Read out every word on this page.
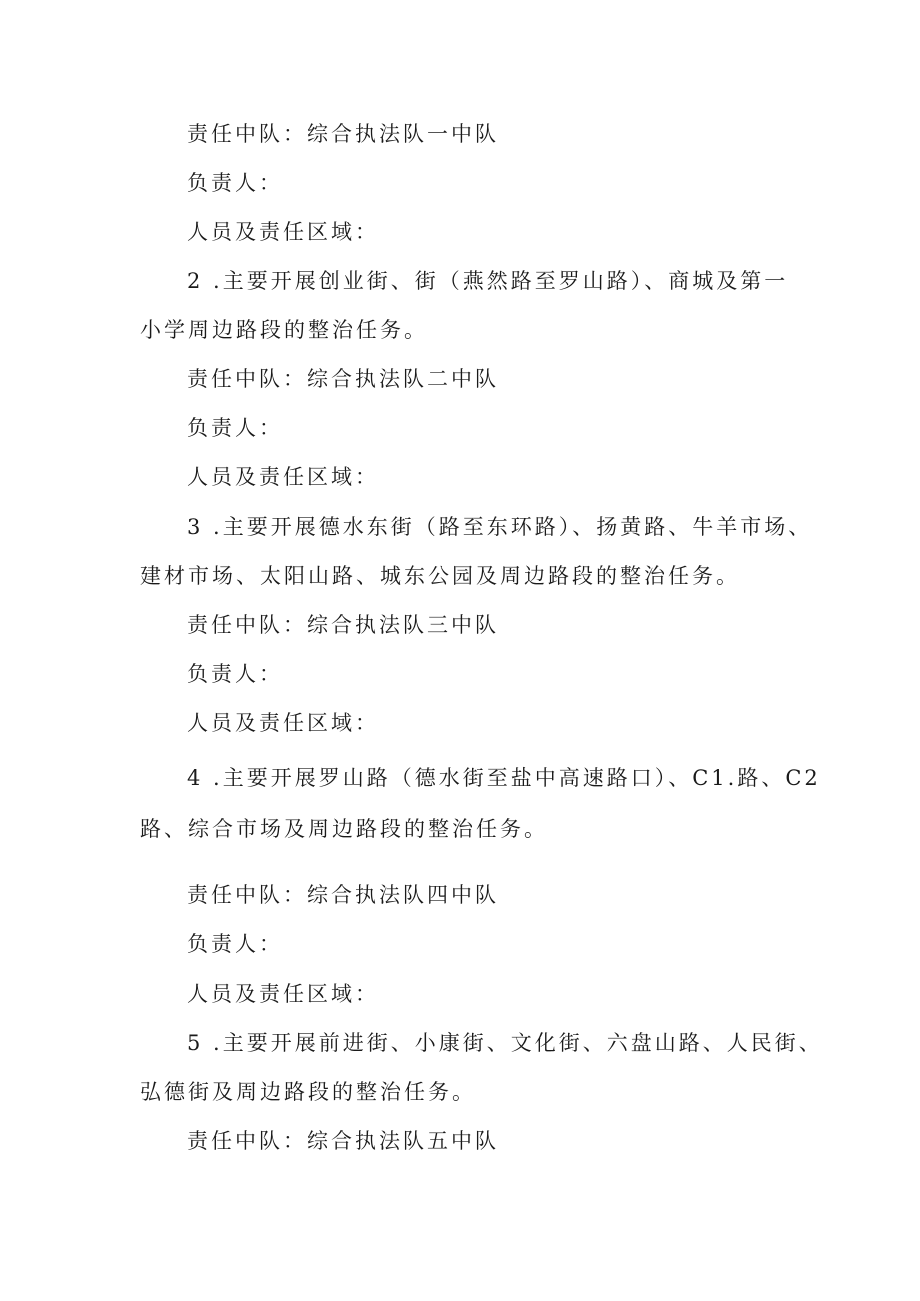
责任中队：综合执法队一中队
负责人：
人员及责任区域：
2 .主要开展创业街、街（燕然路至罗山路）、商城及第一
小学周边路段的整治任务。
责任中队：综合执法队二中队
负责人：
人员及责任区域：
3 .主要开展德水东街（路至东环路）、扬黄路、牛羊市场、
建材市场、太阳山路、城东公园及周边路段的整治任务。
责任中队：综合执法队三中队
负责人：
人员及责任区域：
4 .主要开展罗山路（德水街至盐中高速路口）、C1.路、C2
路、综合市场及周边路段的整治任务。
责任中队：综合执法队四中队
负责人：
人员及责任区域：
5 .主要开展前进街、小康街、文化街、六盘山路、人民街、
弘德街及周边路段的整治任务。
责任中队：综合执法队五中队
